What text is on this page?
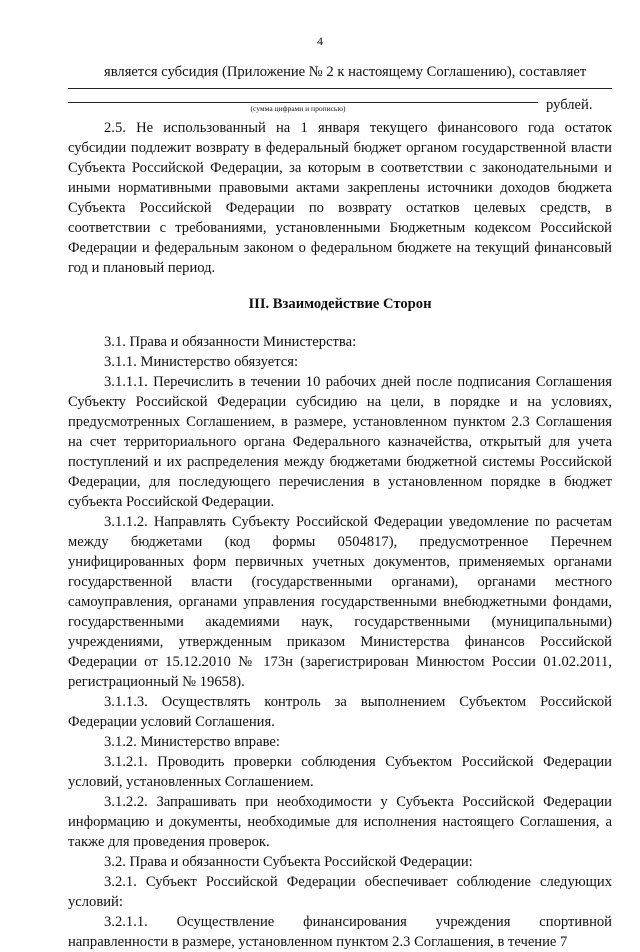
4

является субсидия (Приложение № 2 к настоящему Соглашению), составляет

рублей.
(сумма цифрами и прописью)

2.5. Не использованный на 1 января текущего финансового года остаток субсидии подлежит возврату в федеральный бюджет органом государственной власти Субъекта Российской Федерации, за которым в соответствии с законодательными и иными нормативными правовыми актами закреплены источники доходов бюджета Субъекта Российской Федерации по возврату остатков целевых средств, в соответствии с требованиями, установленными Бюджетным кодексом Российской Федерации и федеральным законом о федеральном бюджете на текущий финансовый год и плановый период.

III. Взаимодействие Сторон

3.1. Права и обязанности Министерства:

3.1.1. Министерство обязуется:

3.1.1.1. Перечислить в течении 10 рабочих дней после подписания Соглашения Субъекту Российской Федерации субсидию на цели, в порядке и на условиях, предусмотренных Соглашением, в размере, установленном пунктом 2.3 Соглашения на счет территориального органа Федерального казначейства, открытый для учета поступлений и их распределения между бюджетами бюджетной системы Российской Федерации, для последующего перечисления в установленном порядке в бюджет субъекта Российской Федерации.

3.1.1.2. Направлять Субъекту Российской Федерации уведомление по расчетам между бюджетами (код формы 0504817), предусмотренное Перечнем унифицированных форм первичных учетных документов, применяемых органами государственной власти (государственными органами), органами местного самоуправления, органами управления государственными внебюджетными фондами, государственными академиями наук, государственными (муниципальными) учреждениями, утвержденным приказом Министерства финансов Российской Федерации от 15.12.2010 № 173н (зарегистрирован Минюстом России 01.02.2011, регистрационный № 19658).

3.1.1.3. Осуществлять контроль за выполнением Субъектом Российской Федерации условий Соглашения.

3.1.2. Министерство вправе:

3.1.2.1. Проводить проверки соблюдения Субъектом Российской Федерации условий, установленных Соглашением.

3.1.2.2. Запрашивать при необходимости у Субъекта Российской Федерации информацию и документы, необходимые для исполнения настоящего Соглашения, а также для проведения проверок.

3.2. Права и обязанности Субъекта Российской Федерации:

3.2.1. Субъект Российской Федерации обеспечивает соблюдение следующих условий:

3.2.1.1. Осуществление финансирования учреждения спортивной направленности в размере, установленном пунктом 2.3 Соглашения, в течение 7
